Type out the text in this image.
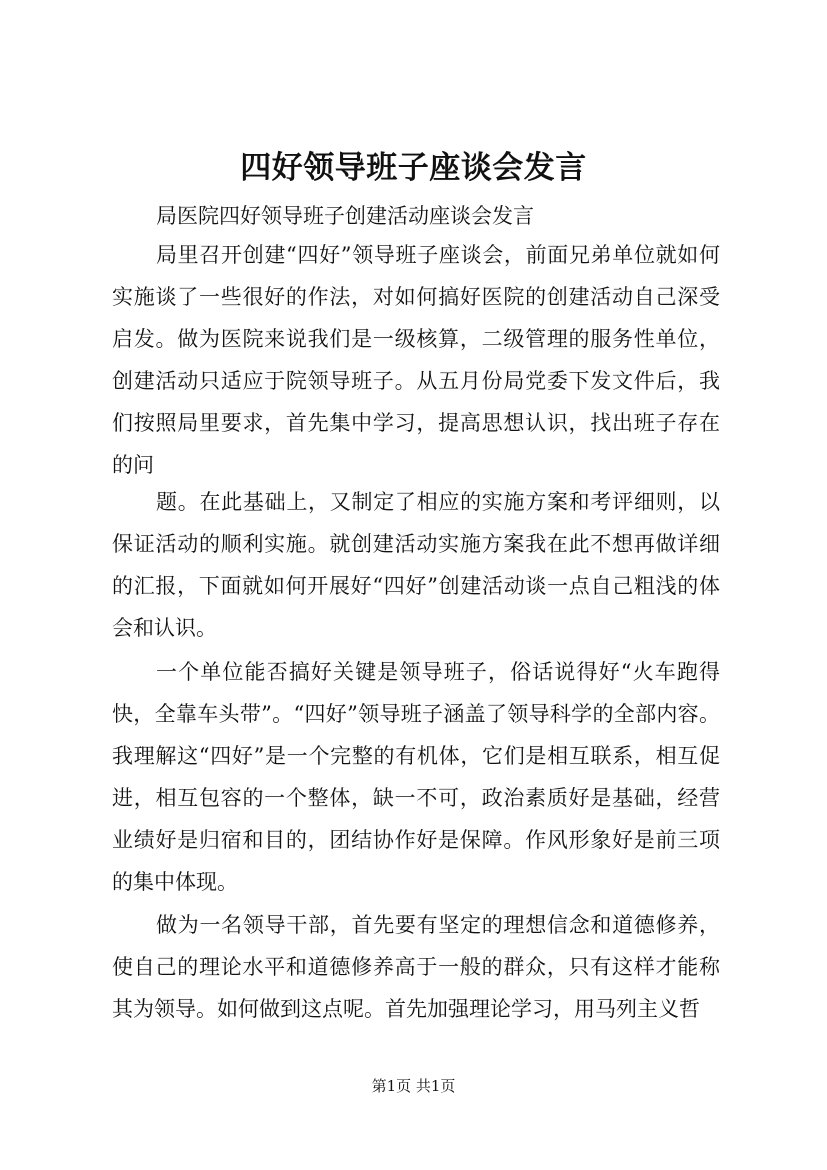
四好领导班子座谈会发言
局医院四好领导班子创建活动座谈会发言

局里召开创建“四好”领导班子座谈会，前面兄弟单位就如何实施谈了一些很好的作法，对如何搞好医院的创建活动自己深受启发。做为医院来说我们是一级核算，二级管理的服务性单位，创建活动只适应于院领导班子。从五月份局党委下发文件后，我们按照局里要求，首先集中学习，提高思想认识，找出班子存在的问

题。在此基础上，又制定了相应的实施方案和考评细则，以保证活动的顺利实施。就创建活动实施方案我在此不想再做详细的汇报，下面就如何开展好“四好”创建活动谈一点自己粗浅的体会和认识。

一个单位能否搞好关键是领导班子，俗话说得好“火车跑得快，全靠车头带”。“四好”领导班子涵盖了领导科学的全部内容。我理解这“四好”是一个完整的有机体，它们是相互联系，相互促进，相互包容的一个整体，缺一不可，政治素质好是基础，经营业绩好是归宿和目的，团结协作好是保障。作风形象好是前三项的集中体现。

做为一名领导干部，首先要有坚定的理想信念和道德修养，使自己的理论水平和道德修养高于一般的群众，只有这样才能称其为领导。如何做到这点呢。首先加强理论学习，用马列主义哲

第1页 共1页
